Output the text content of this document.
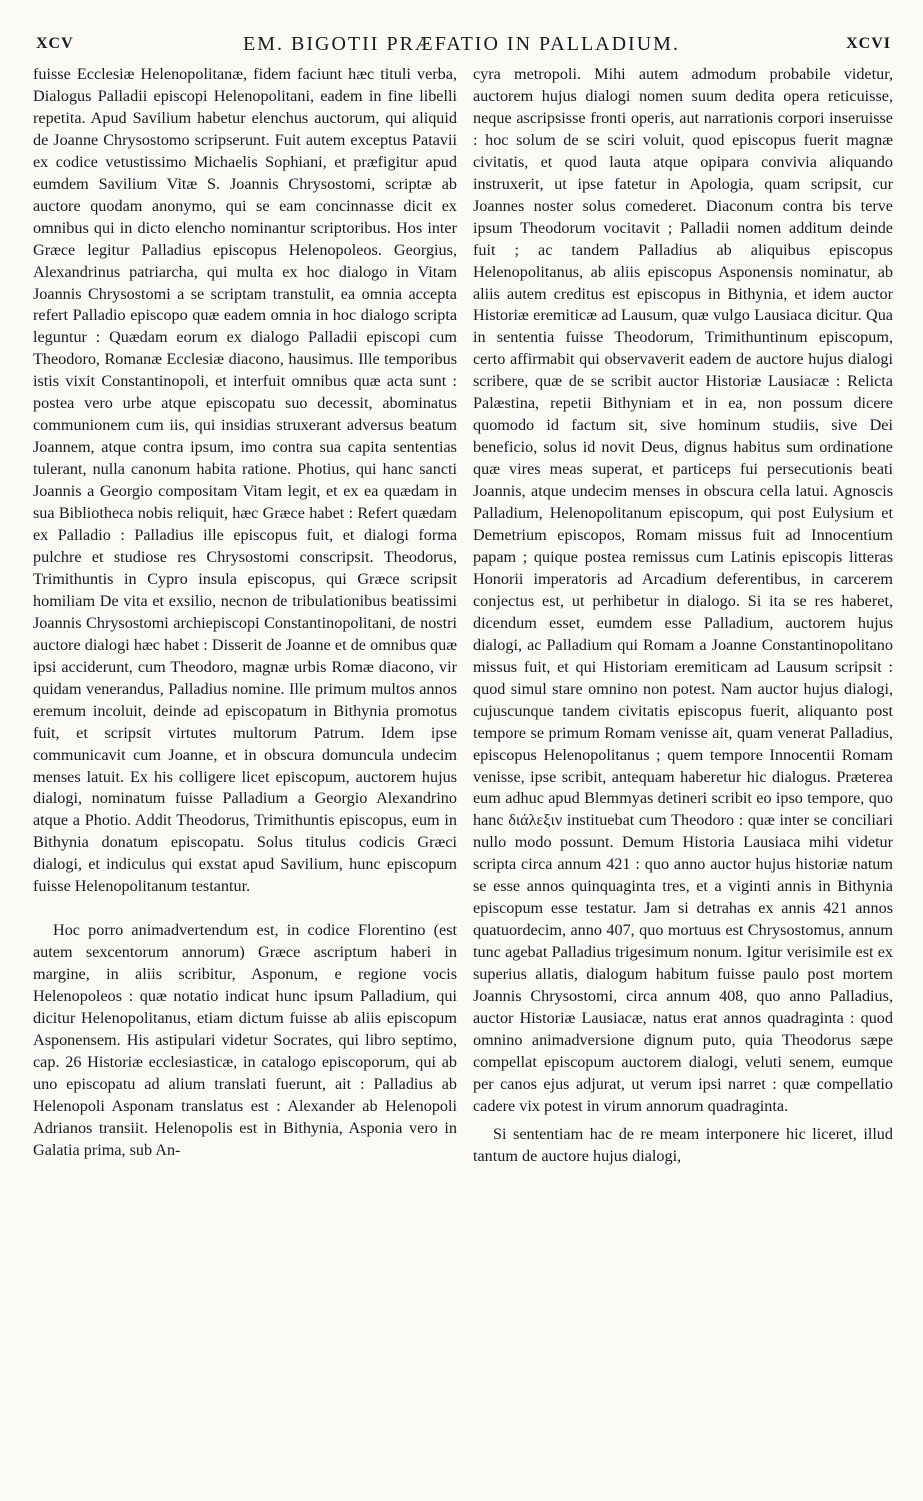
XCV	EM. BIGOTII PRÆFATIO IN PALLADIUM.	XCVI

fuisse Ecclesiæ Helenopolitanæ, fidem faciunt hæc tituli verba, Dialogus Palladii episcopi Helenopolitani, eadem in fine libelli repetita. Apud Savilium habetur elenchus auctorum, qui aliquid de Joanne Chrysostomo scripserunt. Fuit autem exceptus Patavii ex codice vetustissimo Michaelis Sophiani, et præfigitur apud eumdem Savilium Vitæ S. Joannis Chrysostomi, scriptæ ab auctore quodam anonymo, qui se eam concinnasse dicit ex omnibus qui in dicto elencho nominantur scriptoribus. Hos inter Græce legitur Palladius episcopus Helenopoleos. Georgius, Alexandrinus patriarcha, qui multa ex hoc dialogo in Vitam Joannis Chrysostomi a se scriptam transtulit, ea omnia accepta refert Palladio episcopo quæ eadem omnia in hoc dialogo scripta leguntur : Quædam eorum ex dialogo Palladii episcopi cum Theodoro, Romanæ Ecclesiæ diacono, hausimus. Ille temporibus istis vixit Constantinopoli, et interfuit omnibus quæ acta sunt : postea vero urbe atque episcopatu suo decessit, abominatus communionem cum iis, qui insidias struxerant adversus beatum Joannem, atque contra ipsum, imo contra sua capita sententias tulerant, nulla canonum habita ratione. Photius, qui hanc sancti Joannis a Georgio compositam Vitam legit, et ex ea quædam in sua Bibliotheca nobis reliquit, hæc Græce habet : Refert quædam ex Palladio : Palladius ille episcopus fuit, et dialogi forma pulchre et studiose res Chrysostomi conscripsit. Theodorus, Trimithuntis in Cypro insula episcopus, qui Græce scripsit homiliam De vita et exsilio, necnon de tribulationibus beatissimi Joannis Chrysostomi archiepiscopi Constantinopolitani, de nostri auctore dialogi hæc habet : Disserit de Joanne et de omnibus quæ ipsi acciderunt, cum Theodoro, magnæ urbis Romæ diacono, vir quidam venerandus, Palladius nomine. Ille primum multos annos eremum incoluit, deinde ad episcopatum in Bithynia promotus fuit, et scripsit virtutes multorum Patrum. Idem ipse communicavit cum Joanne, et in obscura domuncula undecim menses latuit. Ex his colligere licet episcopum, auctorem hujus dialogi, nominatum fuisse Palladium a Georgio Alexandrino atque a Photio. Addit Theodorus, Trimithuntis episcopus, eum in Bithynia donatum episcopatu. Solus titulus codicis Græci dialogi, et indiculus qui exstat apud Savilium, hunc episcopum fuisse Helenopolitanum testantur.

Hoc porro animadvertendum est, in codice Florentino (est autem sexcentorum annorum) Græce ascriptum haberi in margine, in aliis scribitur, Asponum, e regione vocis Helenopoleos : quæ notatio indicat hunc ipsum Palladium, qui dicitur Helenopolitanus, etiam dictum fuisse ab aliis episcopum Asponensem. His astipulari videtur Socrates, qui libro septimo, cap. 26 Historiæ ecclesiasticæ, in catalogo episcoporum, qui ab uno episcopatu ad alium translati fuerunt, ait : Palladius ab Helenopoli Asponam translatus est : Alexander ab Helenopoli Adrianos transiit. Helenopolis est in Bithynia, Asponia vero in Galatia prima, sub An-

cyra metropoli. Mihi autem admodum probabile videtur, auctorem hujus dialogi nomen suum dedita opera reticuisse, neque ascripsisse fronti operis, aut narrationis corpori inseruisse : hoc solum de se sciri voluit, quod episcopus fuerit magnæ civitatis, et quod lauta atque opipara convivia aliquando instruxerit, ut ipse fatetur in Apologia, quam scripsit, cur Joannes noster solus comederet. Diaconum contra bis terve ipsum Theodorum vocitavit ; Palladii nomen additum deinde fuit ; ac tandem Palladius ab aliquibus episcopus Helenopolitanus, ab aliis episcopus Asponensis nominatur, ab aliis autem creditus est episcopus in Bithynia, et idem auctor Historiæ eremiticæ ad Lausum, quæ vulgo Lausiaca dicitur. Qua in sententia fuisse Theodorum, Trimithuntinum episcopum, certo affirmabit qui observaverit eadem de auctore hujus dialogi scribere, quæ de se scribit auctor Historiæ Lausiacæ : Relicta Palæstina, repetii Bithyniam et in ea, non possum dicere quomodo id factum sit, sive hominum studiis, sive Dei beneficio, solus id novit Deus, dignus habitus sum ordinatione quæ vires meas superat, et particeps fui persecutionis beati Joannis, atque undecim menses in obscura cella latui. Agnoscis Palladium, Helenopolitanum episcopum, qui post Eulysium et Demetrium episcopos, Romam missus fuit ad Innocentium papam ; quique postea remissus cum Latinis episcopis litteras Honorii imperatoris ad Arcadium deferentibus, in carcerem conjectus est, ut perhibetur in dialogo. Si ita se res haberet, dicendum esset, eumdem esse Palladium, auctorem hujus dialogi, ac Palladium qui Romam a Joanne Constantinopolitano missus fuit, et qui Historiam eremiticam ad Lausum scripsit : quod simul stare omnino non potest. Nam auctor hujus dialogi, cujuscunque tandem civitatis episcopus fuerit, aliquanto post tempore se primum Romam venisse ait, quam venerat Palladius, episcopus Helenopolitanus ; quem tempore Innocentii Romam venisse, ipse scribit, antequam haberetur hic dialogus. Præterea eum adhuc apud Blemmyas detineri scribit eo ipso tempore, quo hanc διάλεξιν instituebat cum Theodoro : quæ inter se conciliari nullo modo possunt. Demum Historia Lausiaca mihi videtur scripta circa annum 421 : quo anno auctor hujus historiæ natum se esse annos quinquaginta tres, et a viginti annis in Bithynia episcopum esse testatur. Jam si detrahas ex annis 421 annos quatuordecim, anno 407, quo mortuus est Chrysostomus, annum tunc agebat Palladius trigesimum nonum. Igitur verisimile est ex superius allatis, dialogum habitum fuisse paulo post mortem Joannis Chrysostomi, circa annum 408, quo anno Palladius, auctor Historiæ Lausiacæ, natus erat annos quadraginta : quod omnino animadversione dignum puto, quia Theodorus sæpe compellat episcopum auctorem dialogi, veluti senem, eumque per canos ejus adjurat, ut verum ipsi narret : quæ compellatio cadere vix potest in virum annorum quadraginta.

Si sententiam hac de re meam interponere hic liceret, illud tantum de auctore hujus dialogi,
